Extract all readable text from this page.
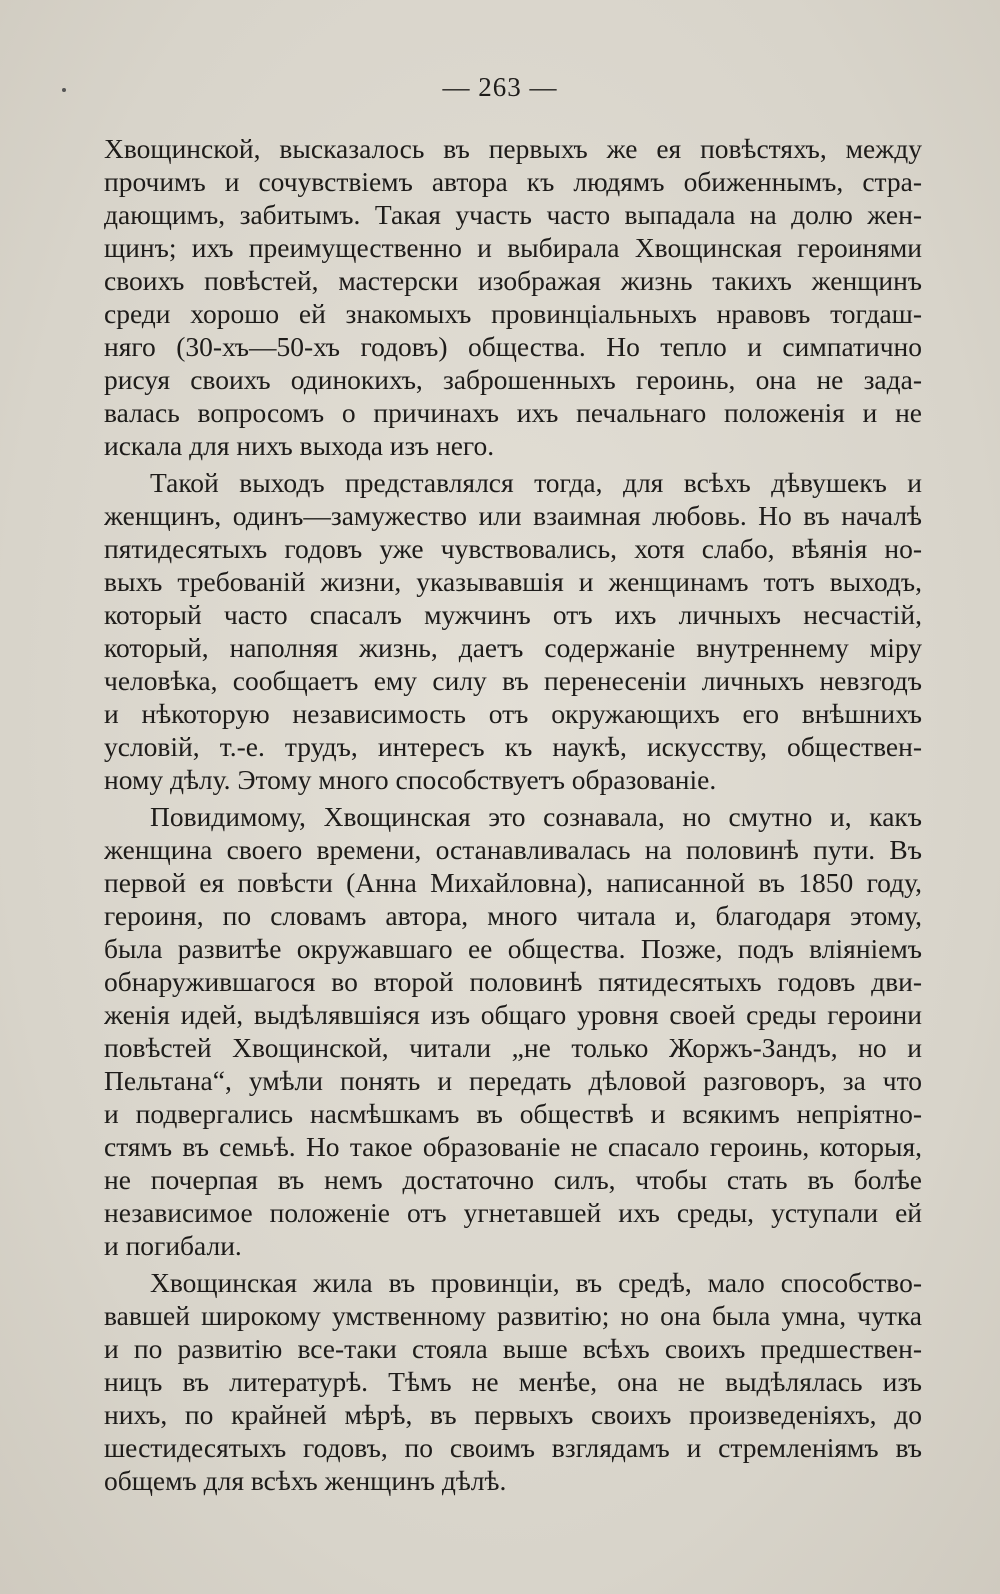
— 263 —
Хвощинской, высказалось въ первыхъ же ея повѣстяхъ, между
прочимъ и сочувствіемъ автора къ людямъ обиженнымъ, стра-
дающимъ, забитымъ. Такая участь часто выпадала на долю жен-
щинъ; ихъ преимущественно и выбирала Хвощинская героинями
своихъ повѣстей, мастерски изображая жизнь такихъ женщинъ
среди хорошо ей знакомыхъ провинціальныхъ нравовъ тогдаш-
няго (30-хъ—50-хъ годовъ) общества. Но тепло и симпатично
рисуя своихъ одинокихъ, заброшенныхъ героинь, она не зада-
валась вопросомъ о причинахъ ихъ печальнаго положенія и не
искала для нихъ выхода изъ него.
Такой выходъ представлялся тогда, для всѣхъ дѣвушекъ и
женщинъ, одинъ—замужество или взаимная любовь. Но въ началѣ
пятидесятыхъ годовъ уже чувствовались, хотя слабо, вѣянія но-
выхъ требованій жизни, указывавшія и женщинамъ тотъ выходъ,
который часто спасалъ мужчинъ отъ ихъ личныхъ несчастій,
который, наполняя жизнь, даетъ содержаніе внутреннему міру
человѣка, сообщаетъ ему силу въ перенесеніи личныхъ невзгодъ
и нѣкоторую независимость отъ окружающихъ его внѣшнихъ
условій, т.-е. трудъ, интересъ къ наукѣ, искусству, обществен-
ному дѣлу. Этому много способствуетъ образованіе.
Повидимому, Хвощинская это сознавала, но смутно и, какъ
женщина своего времени, останавливалась на половинѣ пути. Въ
первой ея повѣсти (Анна Михайловна), написанной въ 1850 году,
героиня, по словамъ автора, много читала и, благодаря этому,
была развитѣе окружавшаго ее общества. Позже, подъ вліяніемъ
обнаружившагося во второй половинѣ пятидесятыхъ годовъ дви-
женія идей, выдѣлявшіяся изъ общаго уровня своей среды героини
повѣстей Хвощинской, читали „не только Жоржъ-Зандъ, но и
Пельтана“, умѣли понять и передать дѣловой разговоръ, за что
и подвергались насмѣшкамъ въ обществѣ и всякимъ непріятно-
стямъ въ семьѣ. Но такое образованіе не спасало героинь, которыя,
не почерпая въ немъ достаточно силъ, чтобы стать въ болѣе
независимое положеніе отъ угнетавшей ихъ среды, уступали ей
и погибали.
Хвощинская жила въ провинціи, въ средѣ, мало способство-
вавшей широкому умственному развитію; но она была умна, чутка
и по развитію все-таки стояла выше всѣхъ своихъ предшествен-
ницъ въ литературѣ. Тѣмъ не менѣе, она не выдѣлялась изъ
нихъ, по крайней мѣрѣ, въ первыхъ своихъ произведеніяхъ, до
шестидесятыхъ годовъ, по своимъ взглядамъ и стремленіямъ въ
общемъ для всѣхъ женщинъ дѣлѣ.
